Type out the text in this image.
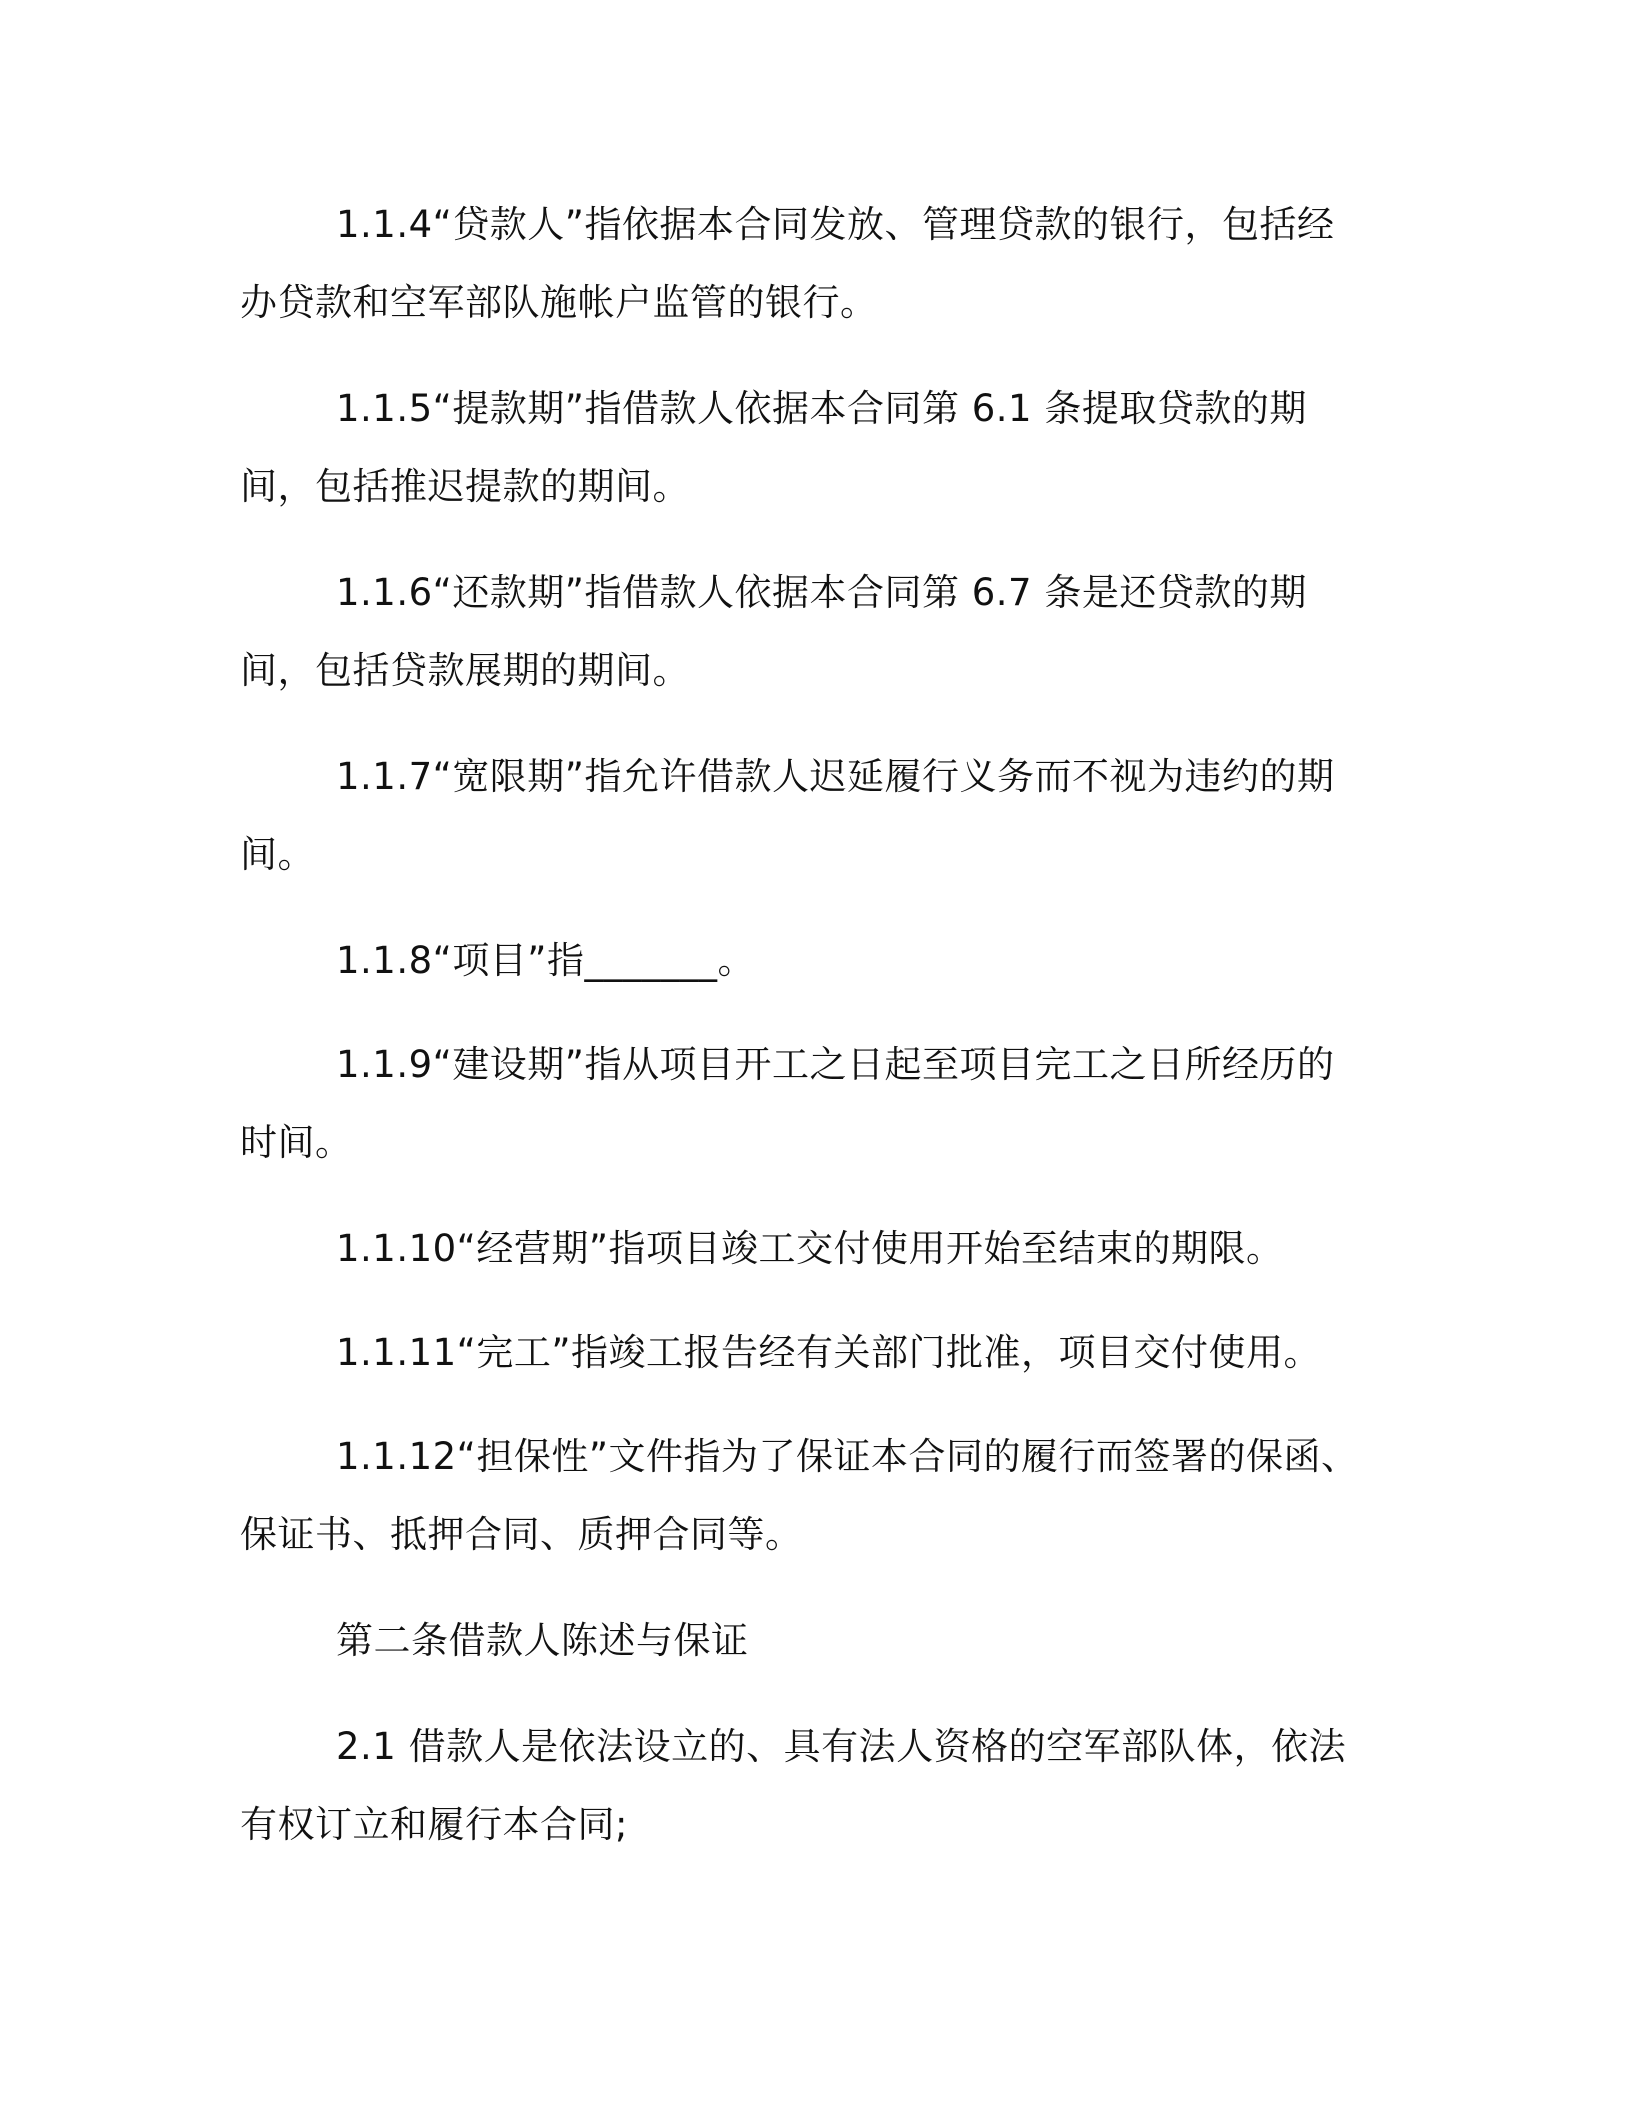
1.1.4“贷款人”指依据本合同发放、管理贷款的银行，包括经办贷款和空军部队施帐户监管的银行。

1.1.5“提款期”指借款人依据本合同第 6.1 条提取贷款的期间，包括推迟提款的期间。

1.1.6“还款期”指借款人依据本合同第 6.7 条是还贷款的期间，包括贷款展期的期间。

1.1.7“宽限期”指允许借款人迟延履行义务而不视为违约的期间。

1.1.8“项目”指_______。

1.1.9“建设期”指从项目开工之日起至项目完工之日所经历的时间。

1.1.10“经营期”指项目竣工交付使用开始至结束的期限。

1.1.11“完工”指竣工报告经有关部门批准，项目交付使用。

1.1.12“担保性”文件指为了保证本合同的履行而签署的保函、保证书、抵押合同、质押合同等。

第二条借款人陈述与保证

2.1 借款人是依法设立的、具有法人资格的空军部队体，依法有权订立和履行本合同;
